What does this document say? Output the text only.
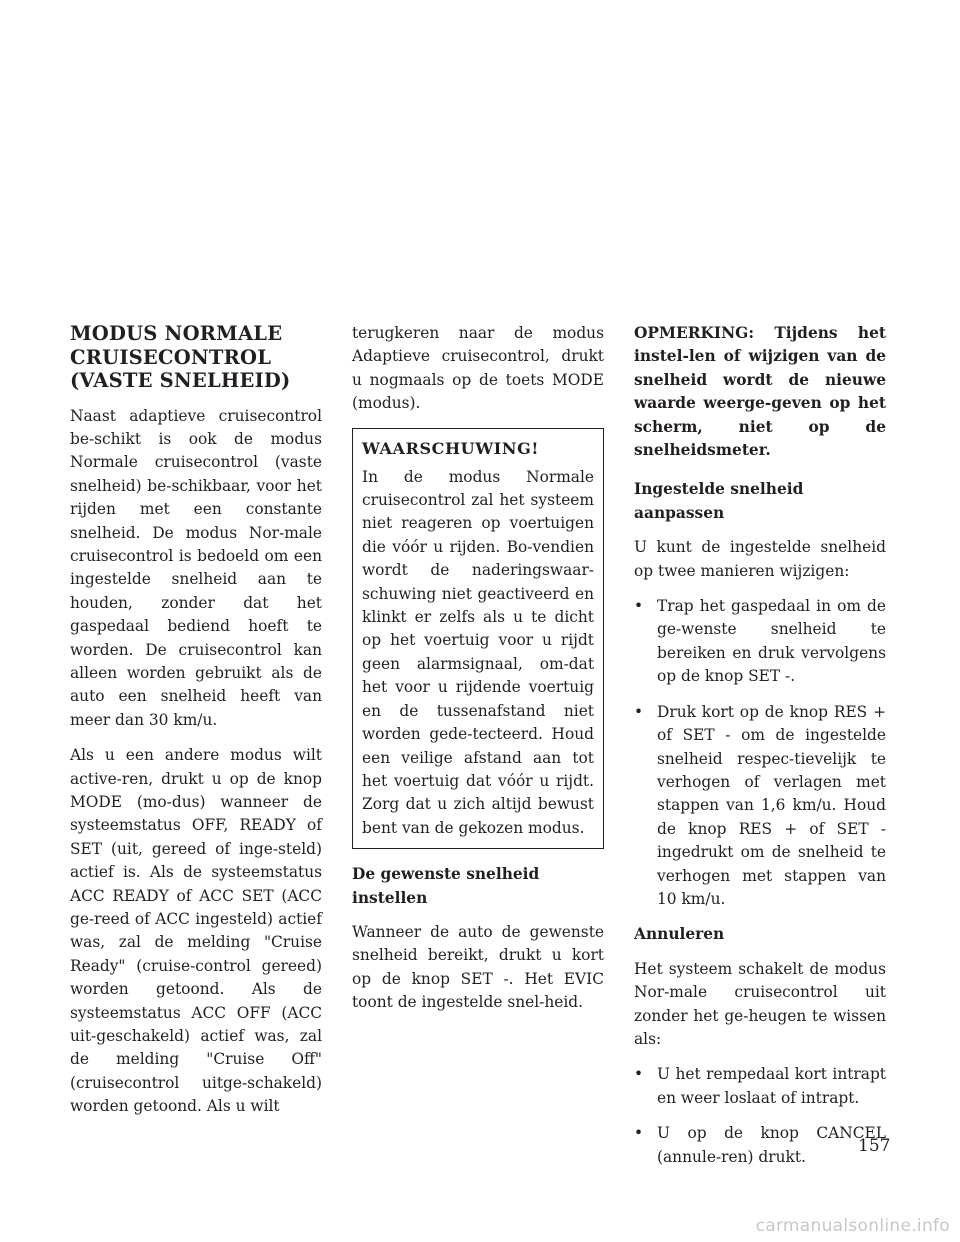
MODUS NORMALE CRUISECONTROL (VASTE SNELHEID)

Naast adaptieve cruisecontrol be-schikt is ook de modus Normale cruisecontrol (vaste snelheid) be-schikbaar, voor het rijden met een constante snelheid. De modus Nor-male cruisecontrol is bedoeld om een ingestelde snelheid aan te houden, zonder dat het gaspedaal bediend hoeft te worden. De cruisecontrol kan alleen worden gebruikt als de auto een snelheid heeft van meer dan 30 km/u.

Als u een andere modus wilt active-ren, drukt u op de knop MODE (mo-dus) wanneer de systeemstatus OFF, READY of SET (uit, gereed of inge-steld) actief is. Als de systeemstatus ACC READY of ACC SET (ACC ge-reed of ACC ingesteld) actief was, zal de melding "Cruise Ready" (cruise-control gereed) worden getoond. Als de systeemstatus ACC OFF (ACC uit-geschakeld) actief was, zal de melding "Cruise Off" (cruisecontrol uitge-schakeld) worden getoond. Als u wilt

terugkeren naar de modus Adaptieve cruisecontrol, drukt u nogmaals op de toets MODE (modus).

WAARSCHUWING!

In de modus Normale cruisecontrol zal het systeem niet reageren op voertuigen die vóór u rijden. Bo-vendien wordt de naderingswaar-schuwing niet geactiveerd en klinkt er zelfs als u te dicht op het voertuig voor u rijdt geen alarmsignaal, om-dat het voor u rijdende voertuig en de tussenafstand niet worden gede-tecteerd. Houd een veilige afstand aan tot het voertuig dat vóór u rijdt. Zorg dat u zich altijd bewust bent van de gekozen modus.

De gewenste snelheid instellen

Wanneer de auto de gewenste snelheid bereikt, drukt u kort op de knop SET -. Het EVIC toont de ingestelde snel-heid.

OPMERKING: Tijdens het instel-len of wijzigen van de snelheid wordt de nieuwe waarde weerge-geven op het scherm, niet op de snelheidsmeter.

Ingestelde snelheid aanpassen

U kunt de ingestelde snelheid op twee manieren wijzigen:

• Trap het gaspedaal in om de ge-wenste snelheid te bereiken en druk vervolgens op de knop SET -.
• Druk kort op de knop RES + of SET - om de ingestelde snelheid respec-tievelijk te verhogen of verlagen met stappen van 1,6 km/u. Houd de knop RES + of SET - ingedrukt om de snelheid te verhogen met stappen van 10 km/u.

Annuleren

Het systeem schakelt de modus Nor-male cruisecontrol uit zonder het ge-heugen te wissen als:

• U het rempedaal kort intrapt en weer loslaat of intrapt.
• U op de knop CANCEL (annule-ren) drukt.
157
carmanualsonline.info
